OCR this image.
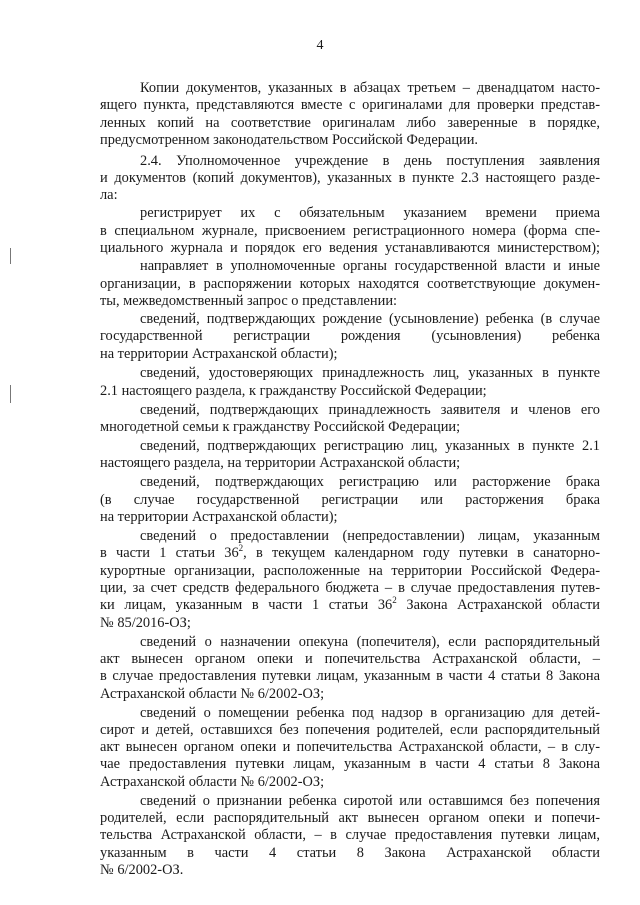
4
Копии документов, указанных в абзацах третьем – двенадцатом насто-
ящего пункта, представляются вместе с оригиналами для проверки представ-
ленных копий на соответствие оригиналам либо заверенные в порядке,
предусмотренном законодательством Российской Федерации.
2.4. Уполномоченное учреждение в день поступления заявления
и документов (копий документов), указанных в пункте 2.3 настоящего разде-
ла:
регистрирует их с обязательным указанием времени приема
в специальном журнале, присвоением регистрационного номера (форма спе-
циального журнала и порядок его ведения устанавливаются министерством);
направляет в уполномоченные органы государственной власти и иные
организации, в распоряжении которых находятся соответствующие докумен-
ты, межведомственный запрос о представлении:
сведений, подтверждающих рождение (усыновление) ребенка (в случае
государственной регистрации рождения (усыновления) ребенка
на территории Астраханской области);
сведений, удостоверяющих принадлежность лиц, указанных в пункте
2.1 настоящего раздела, к гражданству Российской Федерации;
сведений, подтверждающих принадлежность заявителя и членов его
многодетной семьи к гражданству Российской Федерации;
сведений, подтверждающих регистрацию лиц, указанных в пункте 2.1
настоящего раздела, на территории Астраханской области;
сведений, подтверждающих регистрацию или расторжение брака
(в случае государственной регистрации или расторжения брака
на территории Астраханской области);
сведений о предоставлении (непредоставлении) лицам, указанным
в части 1 статьи $36^2$, в текущем календарном году путевки в санаторно-
курортные организации, расположенные на территории Российской Федера-
ции, за счет средств федерального бюджета – в случае предоставления путев-
ки лицам, указанным в части 1 статьи $36^2$ Закона Астраханской области
№ 85/2016-ОЗ;
сведений о назначении опекуна (попечителя), если распорядительный
акт вынесен органом опеки и попечительства Астраханской области, –
в случае предоставления путевки лицам, указанным в части 4 статьи 8 Закона
Астраханской области № 6/2002-ОЗ;
сведений о помещении ребенка под надзор в организацию для детей-
сирот и детей, оставшихся без попечения родителей, если распорядительный
акт вынесен органом опеки и попечительства Астраханской области, – в слу-
чае предоставления путевки лицам, указанным в части 4 статьи 8 Закона
Астраханской области № 6/2002-ОЗ;
сведений о признании ребенка сиротой или оставшимся без попечения
родителей, если распорядительный акт вынесен органом опеки и попечи-
тельства Астраханской области, – в случае предоставления путевки лицам,
указанным в части 4 статьи 8 Закона Астраханской области
№ 6/2002-ОЗ.
